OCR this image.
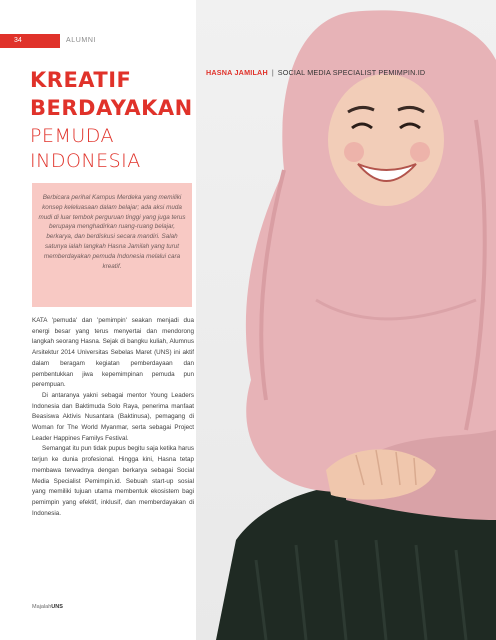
34	ALUMNI
HASNA JAMILAH | SOCIAL MEDIA SPECIALIST PEMIMPIN.ID
KREATIF
BERDAYAKAN
PEMUDA
INDONESIA
Berbicara perihal Kampus Merdeka yang memiliki konsep keleluasaan dalam belajar; ada aksi muda mudi di luar tembok perguruan tinggi yang juga terus berupaya menghadirkan ruang-ruang belajar, berkarya, dan berdiskusi secara mandiri. Salah satunya ialah langkah Hasna Jamilah yang turut memberdayakan pemuda Indonesia melalui cara kreatif.

KATA 'pemuda' dan 'pemimpin' seakan menjadi dua energi besar yang terus menyertai dan mendorong langkah seorang Hasna. Sejak di bangku kuliah, Alumnus Arsitektur 2014 Universitas Sebelas Maret (UNS) ini aktif dalam beragam kegiatan pemberdayaan dan pembentukkan jiwa kepemimpinan pemuda pun perempuan.

Di antaranya yakni sebagai mentor Young Leaders Indonesia dan Baktimuda Solo Raya, penerima manfaat Beasiswa Aktivis Nusantara (Baktinusa), pemagang di Woman for The World Myanmar, serta sebagai Project Leader Happines Familys Festival.

Semangat itu pun tidak pupus begitu saja ketika harus terjun ke dunia profesional. Hingga kini, Hasna tetap membawa terwadnya dengan berkarya sebagai Social Media Specialist Pemimpin.id. Sebuah start-up sosial yang memiliki tujuan utama membentuk ekosistem bagi pemimpin yang efektif, inklusif, dan memberdayakan di Indonesia.

MajalahUNS
